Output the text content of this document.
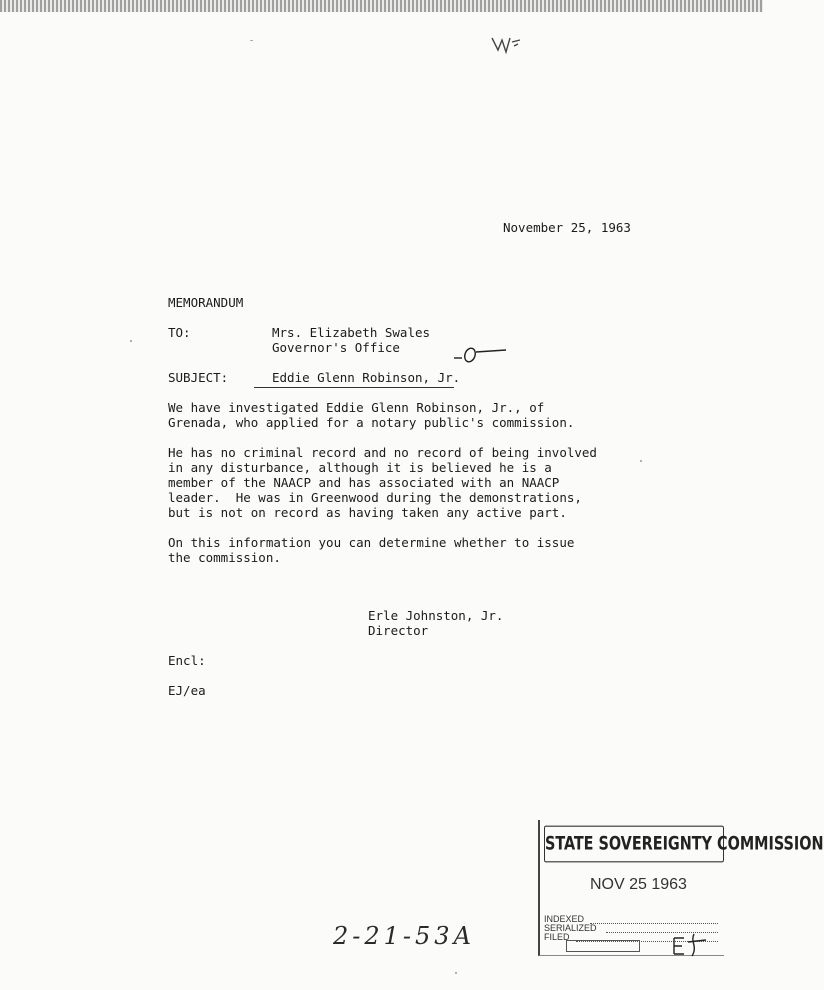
November 25, 1963
MEMORANDUM
TO:	Mrs. Elizabeth Swales
Governor's Office
SUBJECT:	Eddie Glenn Robinson, Jr.
We have investigated Eddie Glenn Robinson, Jr., of
Grenada, who applied for a notary public's commission.
He has no criminal record and no record of being involved
in any disturbance, although it is believed he is a
member of the NAACP and has associated with an NAACP
leader.  He was in Greenwood during the demonstrations,
but is not on record as having taken any active part.
On this information you can determine whether to issue
the commission.
Erle Johnston, Jr.
Director
Encl:
EJ/ea
2-21-53A
STATE SOVEREIGNTY COMMISSION
NOV 25 1963
INDEXED
SERIALIZED
FILED
